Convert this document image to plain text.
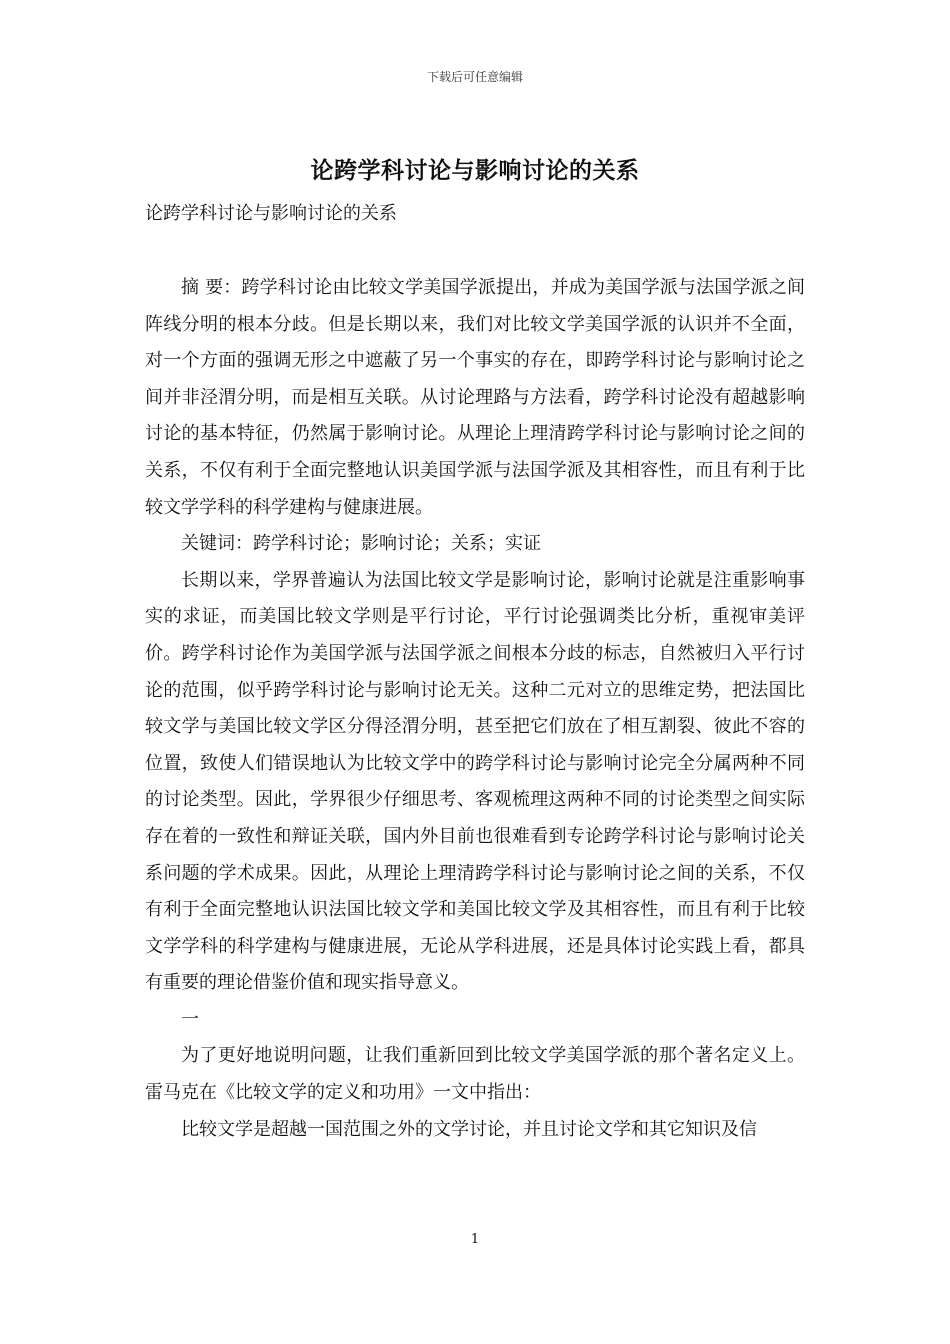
下载后可任意编辑
论跨学科讨论与影响讨论的关系
论跨学科讨论与影响讨论的关系

摘 要：跨学科讨论由比较文学美国学派提出，并成为美国学派与法国学派之间阵线分明的根本分歧。但是长期以来，我们对比较文学美国学派的认识并不全面，对一个方面的强调无形之中遮蔽了另一个事实的存在，即跨学科讨论与影响讨论之间并非泾渭分明，而是相互关联。从讨论理路与方法看，跨学科讨论没有超越影响讨论的基本特征，仍然属于影响讨论。从理论上理清跨学科讨论与影响讨论之间的关系，不仅有利于全面完整地认识美国学派与法国学派及其相容性，而且有利于比较文学学科的科学建构与健康进展。

关键词：跨学科讨论；影响讨论；关系；实证

长期以来，学界普遍认为法国比较文学是影响讨论，影响讨论就是注重影响事实的求证，而美国比较文学则是平行讨论，平行讨论强调类比分析，重视审美评价。跨学科讨论作为美国学派与法国学派之间根本分歧的标志，自然被归入平行讨论的范围，似乎跨学科讨论与影响讨论无关。这种二元对立的思维定势，把法国比较文学与美国比较文学区分得泾渭分明，甚至把它们放在了相互割裂、彼此不容的位置，致使人们错误地认为比较文学中的跨学科讨论与影响讨论完全分属两种不同的讨论类型。因此，学界很少仔细思考、客观梳理这两种不同的讨论类型之间实际存在着的一致性和辩证关联，国内外目前也很难看到专论跨学科讨论与影响讨论关系问题的学术成果。因此，从理论上理清跨学科讨论与影响讨论之间的关系，不仅有利于全面完整地认识法国比较文学和美国比较文学及其相容性，而且有利于比较文学学科的科学建构与健康进展，无论从学科进展，还是具体讨论实践上看，都具有重要的理论借鉴价值和现实指导意义。

一

为了更好地说明问题，让我们重新回到比较文学美国学派的那个著名定义上。雷马克在《比较文学的定义和功用》一文中指出：

比较文学是超越一国范围之外的文学讨论，并且讨论文学和其它知识及信

1
